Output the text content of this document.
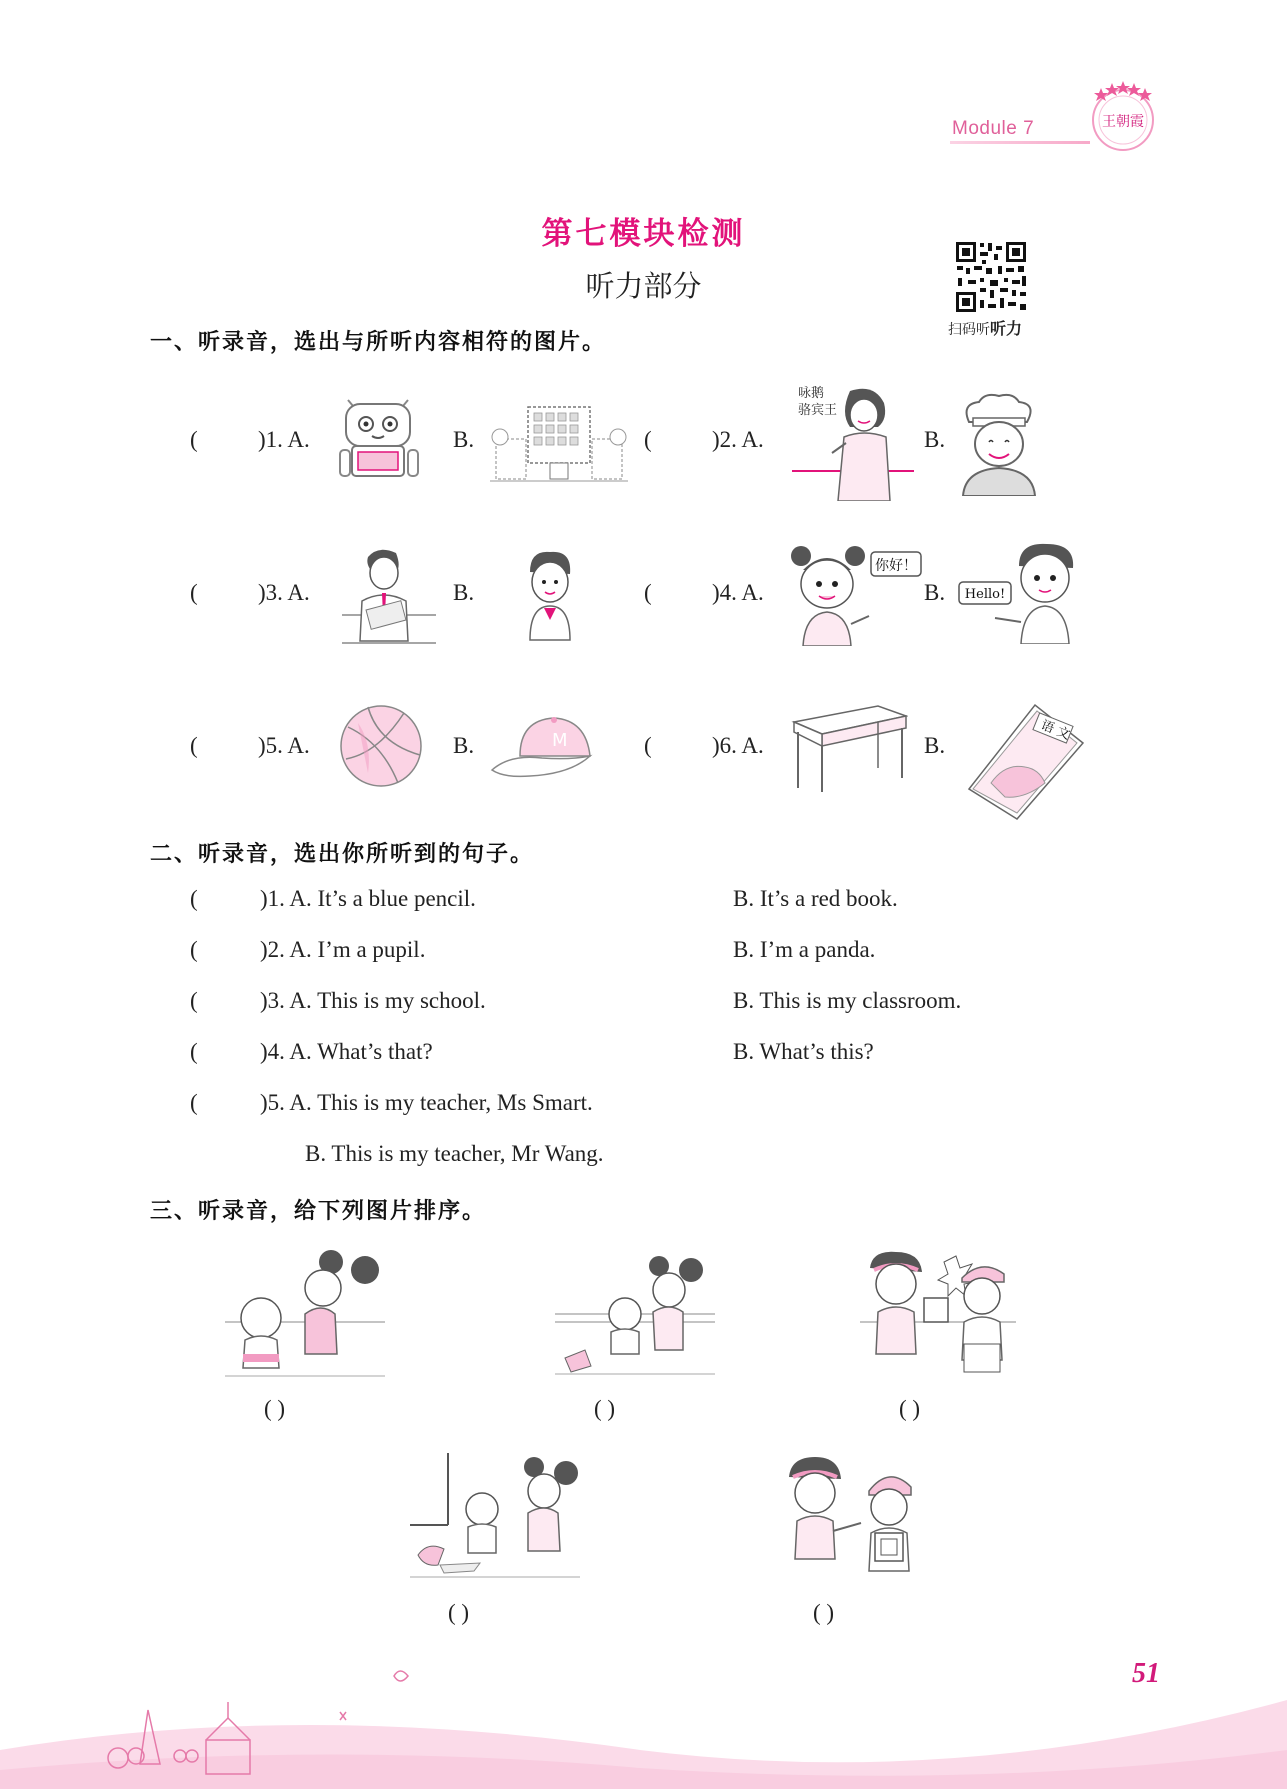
Module 7	王朝霞
第七模块检测
听力部分
扫码听听力
一、听录音，选出与所听内容相符的图片。
(	)1. A.	B.	(	)2. A.
咏鹅
骆宾王
B.
(	)3. A.	B.	(	)4. A.
你好！
B. Hello!
(	)5. A.	B.	M	(	)6. A.	B.
语 文
二、听录音，选出你所听到的句子。
(	)1. A. It’s a blue pencil.	B. It’s a red book.
(	)2. A. I’m a pupil.	B. I’m a panda.
(	)3. A. This is my school.	B. This is my classroom.
(	)4. A. What’s that?	B. What’s this?
(	)5. A. This is my teacher, Ms Smart.
B. This is my teacher, Mr Wang.
三、听录音，给下列图片排序。
( )	( )	( )
( )	( )
51
